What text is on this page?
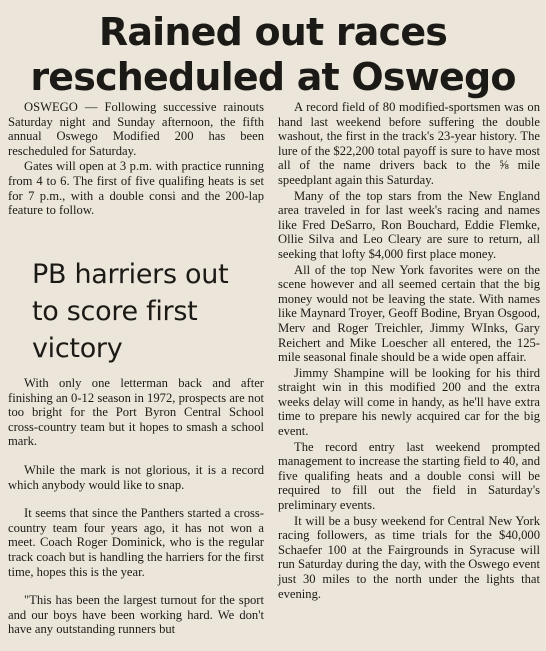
Rained out races rescheduled at Oswego

OSWEGO — Following successive rainouts Saturday night and Sunday afternoon, the fifth annual Oswego Modified 200 has been rescheduled for Saturday.

Gates will open at 3 p.m. with practice running from 4 to 6. The first of five qualifing heats is set for 7 p.m., with a double consi and the 200-lap feature to follow.

PB harriers out to score first victory

With only one letterman back and after finishing an 0-12 season in 1972, prospects are not too bright for the Port Byron Central School cross-country team but it hopes to smash a school mark.

While the mark is not glorious, it is a record which anybody would like to snap.

It seems that since the Panthers started a cross-country team four years ago, it has not won a meet. Coach Roger Dominick, who is the regular track coach but is handling the harriers for the first time, hopes this is the year.

"This has been the largest turnout for the sport and our boys have been working hard. We don't have any outstanding runners but

A record field of 80 modified-sportsmen was on hand last weekend before suffering the double washout, the first in the track's 23-year history. The lure of the $22,200 total payoff is sure to have most all of the name drivers back to the ⅝ mile speedplant again this Saturday.

Many of the top stars from the New England area traveled in for last week's racing and names like Fred DeSarro, Ron Bouchard, Eddie Flemke, Ollie Silva and Leo Cleary are sure to return, all seeking that lofty $4,000 first place money.

All of the top New York favorites were on the scene however and all seemed certain that the big money would not be leaving the state. With names like Maynard Troyer, Geoff Bodine, Bryan Osgood, Merv and Roger Treichler, Jimmy WInks, Gary Reichert and Mike Loescher all entered, the 125-mile seasonal finale should be a wide open affair.

Jimmy Shampine will be looking for his third straight win in this modified 200 and the extra weeks delay will come in handy, as he'll have extra time to prepare his newly acquired car for the big event.

The record entry last weekend prompted management to increase the starting field to 40, and five qualifing heats and a double consi will be required to fill out the field in Saturday's preliminary events.

It will be a busy weekend for Central New York racing followers, as time trials for the $40,000 Schaefer 100 at the Fairgrounds in Syracuse will run Saturday during the day, with the Oswego event just 30 miles to the north under the lights that evening.
